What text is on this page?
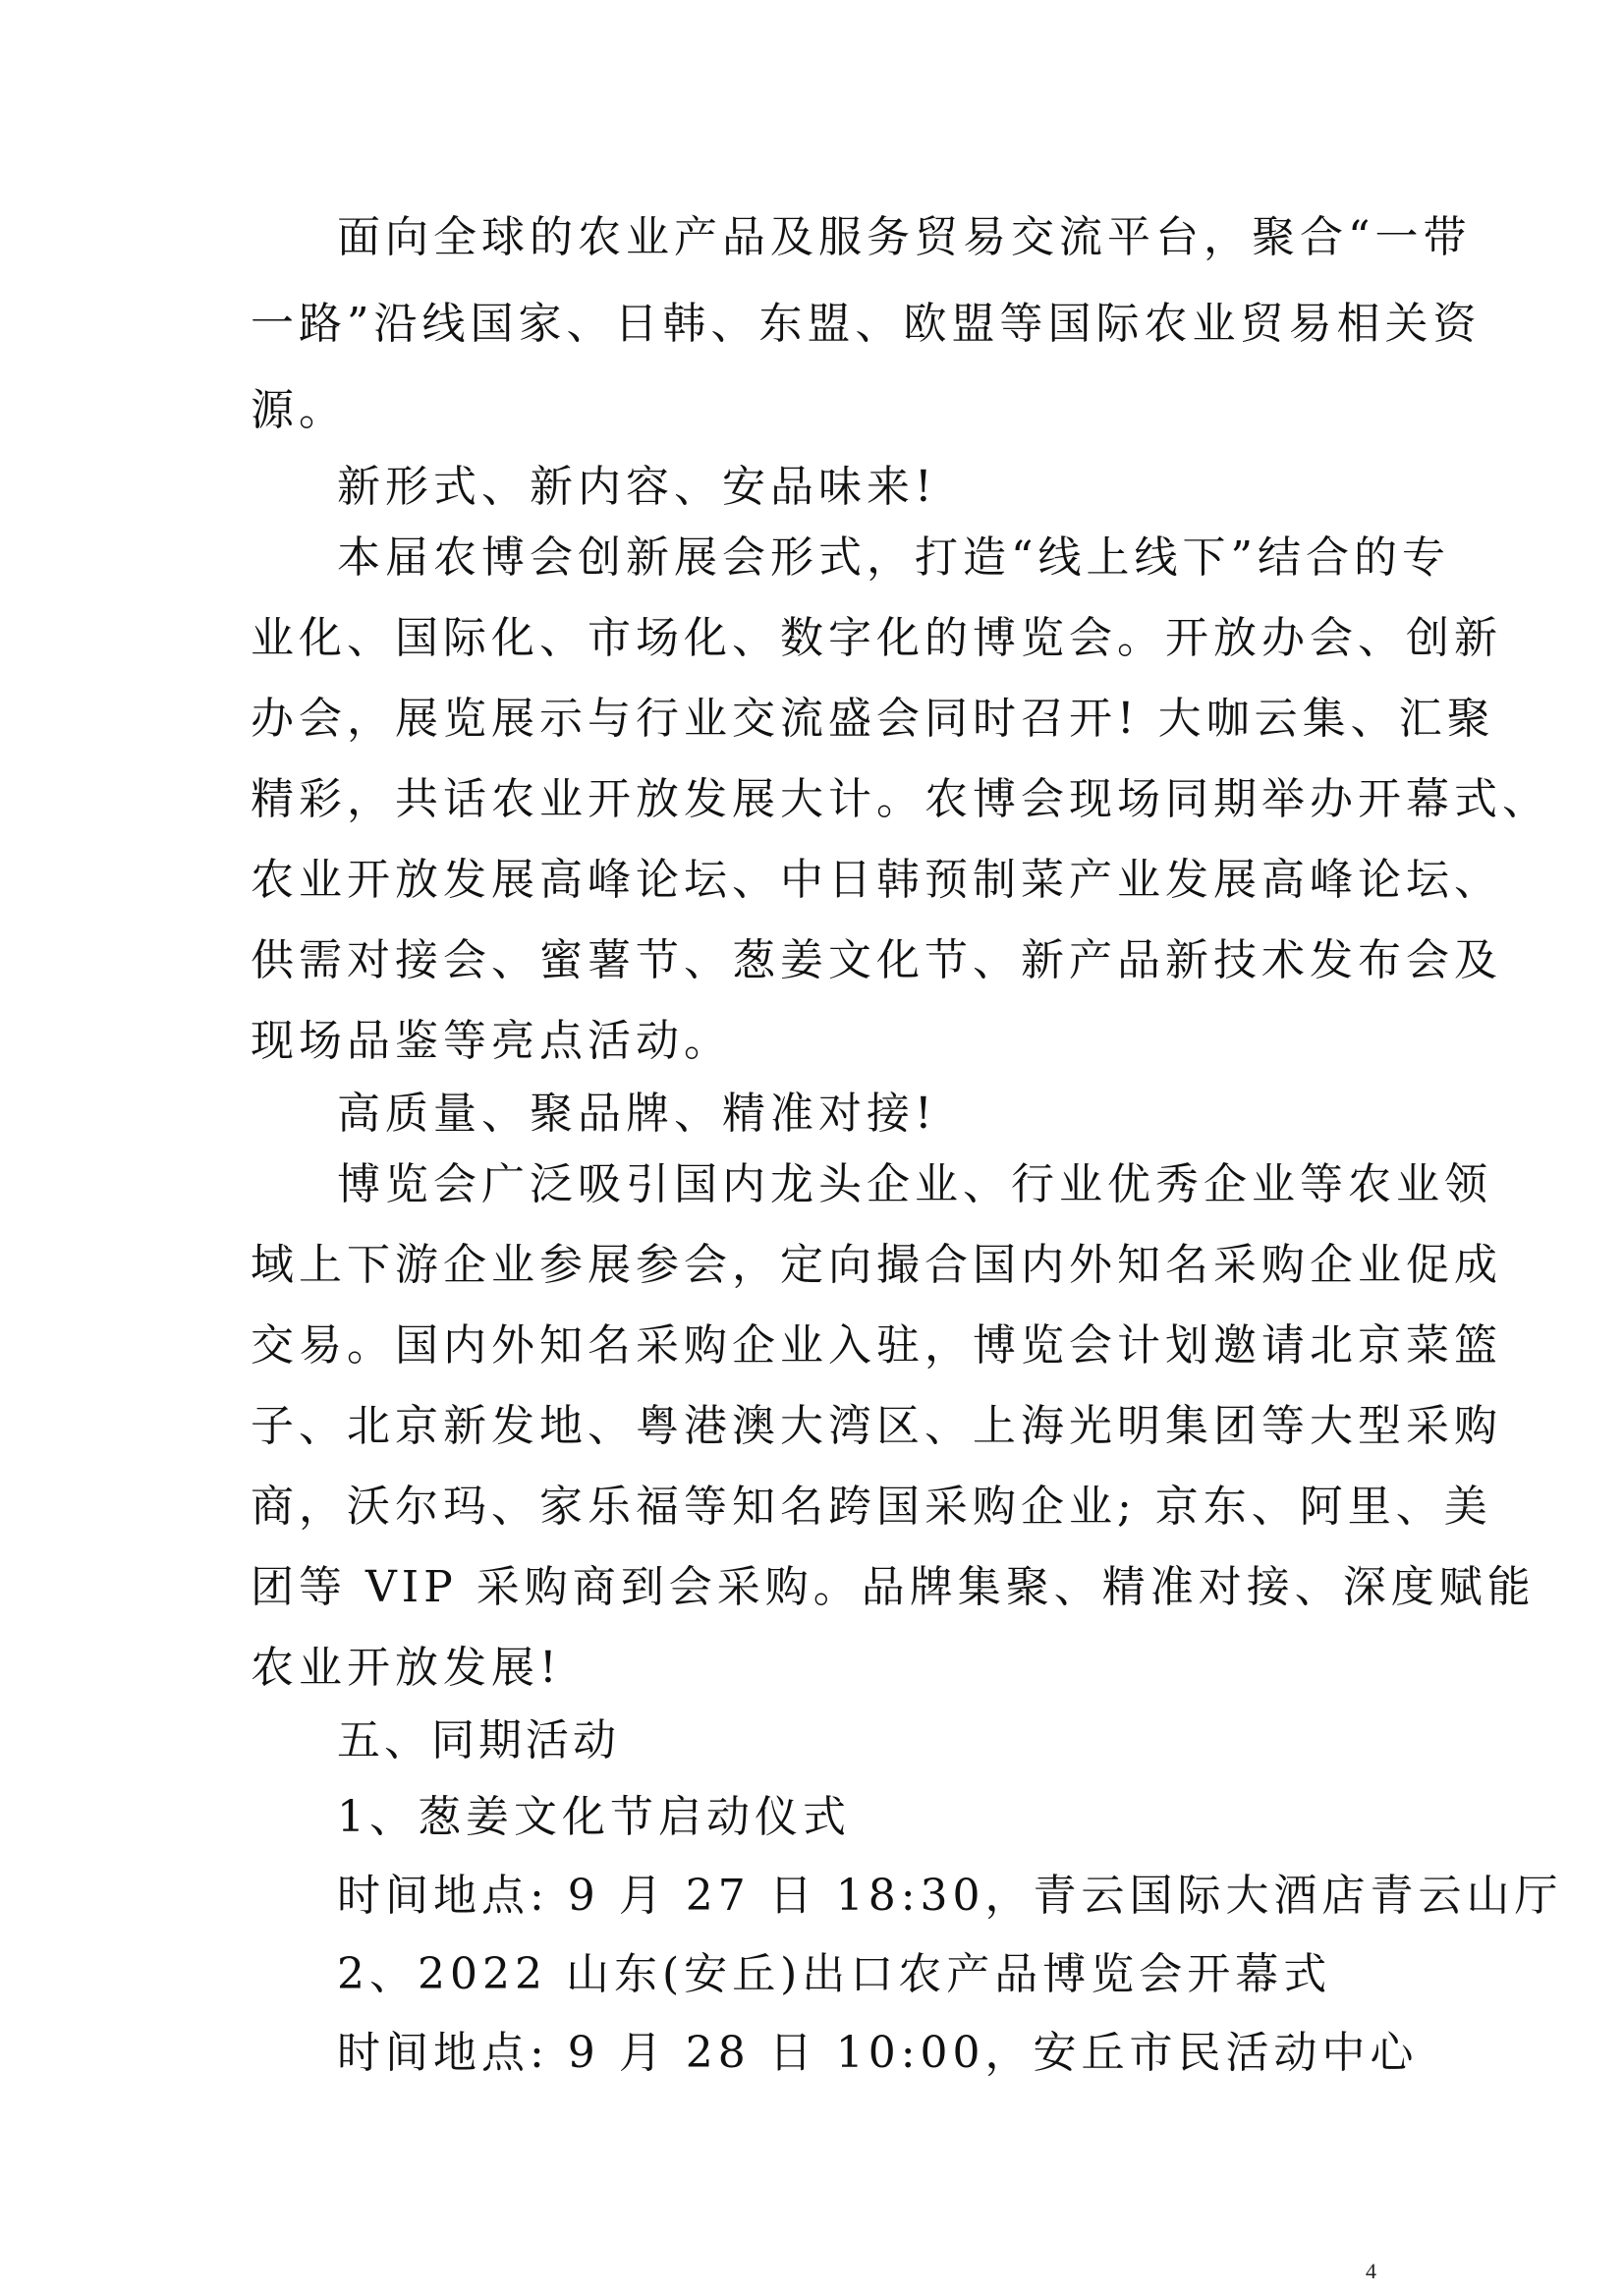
面向全球的农业产品及服务贸易交流平台，聚合“一带
一路”沿线国家、日韩、东盟、欧盟等国际农业贸易相关资
源。
新形式、新内容、安品味来!
本届农博会创新展会形式，打造“线上线下”结合的专
业化、国际化、市场化、数字化的博览会。开放办会、创新
办会，展览展示与行业交流盛会同时召开! 大咖云集、汇聚
精彩，共话农业开放发展大计。农博会现场同期举办开幕式、
农业开放发展高峰论坛、中日韩预制菜产业发展高峰论坛、
供需对接会、蜜薯节、葱姜文化节、新产品新技术发布会及
现场品鉴等亮点活动。
高质量、聚品牌、精准对接!
博览会广泛吸引国内龙头企业、行业优秀企业等农业领
域上下游企业参展参会，定向撮合国内外知名采购企业促成
交易。国内外知名采购企业入驻，博览会计划邀请北京菜篮
子、北京新发地、粤港澳大湾区、上海光明集团等大型采购
商，沃尔玛、家乐福等知名跨国采购企业; 京东、阿里、美
团等 VIP 采购商到会采购。品牌集聚、精准对接、深度赋能
农业开放发展!
五、同期活动
1、葱姜文化节启动仪式
时间地点: 9 月 27 日 18:30，青云国际大酒店青云山厅
2、2022 山东(安丘)出口农产品博览会开幕式
时间地点: 9 月 28 日 10:00，安丘市民活动中心
4
